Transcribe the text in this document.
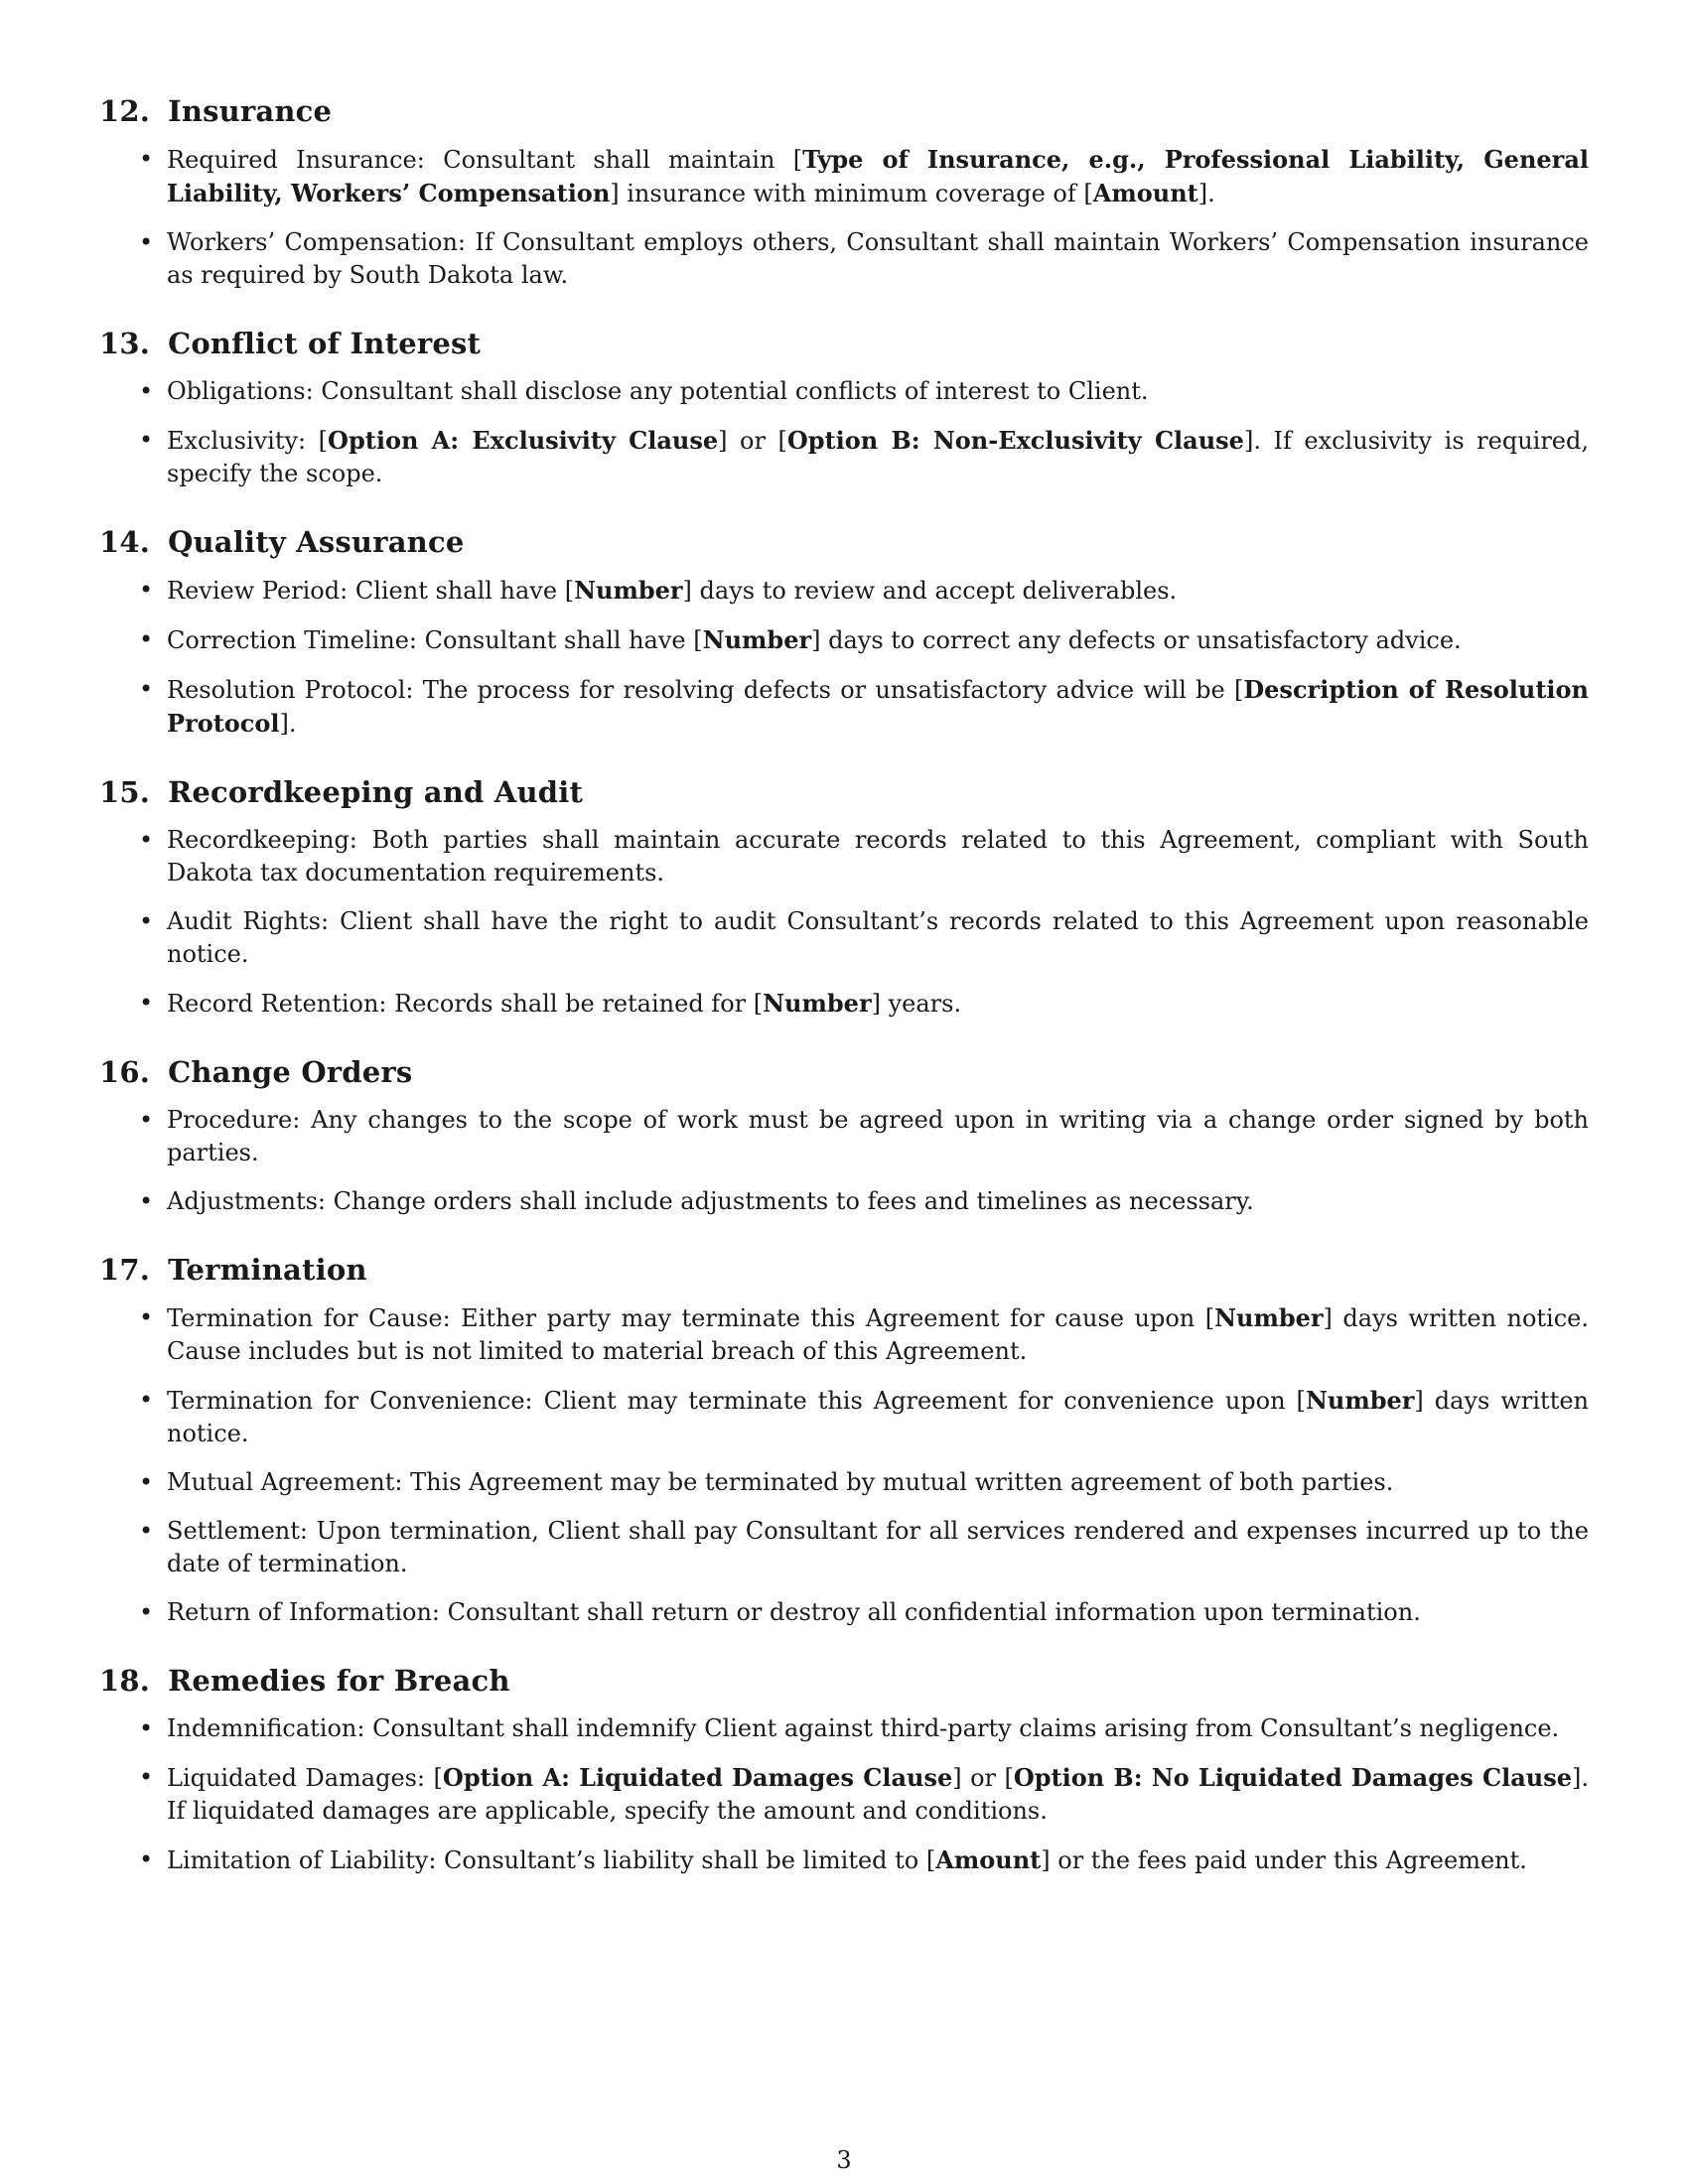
12. Insurance
• Required Insurance: Consultant shall maintain [Type of Insurance, e.g., Professional Liability, General Liability, Workers’ Compensation] insurance with minimum coverage of [Amount].
• Workers’ Compensation: If Consultant employs others, Consultant shall maintain Workers’ Compensation insurance as required by South Dakota law.
13. Conflict of Interest
• Obligations: Consultant shall disclose any potential conflicts of interest to Client.
• Exclusivity: [Option A: Exclusivity Clause] or [Option B: Non-Exclusivity Clause]. If exclusivity is required, specify the scope.
14. Quality Assurance
• Review Period: Client shall have [Number] days to review and accept deliverables.
• Correction Timeline: Consultant shall have [Number] days to correct any defects or unsatisfactory advice.
• Resolution Protocol: The process for resolving defects or unsatisfactory advice will be [Description of Resolution Protocol].
15. Recordkeeping and Audit
• Recordkeeping: Both parties shall maintain accurate records related to this Agreement, compliant with South Dakota tax documentation requirements.
• Audit Rights: Client shall have the right to audit Consultant’s records related to this Agreement upon reasonable notice.
• Record Retention: Records shall be retained for [Number] years.
16. Change Orders
• Procedure: Any changes to the scope of work must be agreed upon in writing via a change order signed by both parties.
• Adjustments: Change orders shall include adjustments to fees and timelines as necessary.
17. Termination
• Termination for Cause: Either party may terminate this Agreement for cause upon [Number] days written notice. Cause includes but is not limited to material breach of this Agreement.
• Termination for Convenience: Client may terminate this Agreement for convenience upon [Number] days written notice.
• Mutual Agreement: This Agreement may be terminated by mutual written agreement of both parties.
• Settlement: Upon termination, Client shall pay Consultant for all services rendered and expenses incurred up to the date of termination.
• Return of Information: Consultant shall return or destroy all confidential information upon termination.
18. Remedies for Breach
• Indemnification: Consultant shall indemnify Client against third-party claims arising from Consultant’s negligence.
• Liquidated Damages: [Option A: Liquidated Damages Clause] or [Option B: No Liquidated Damages Clause]. If liquidated damages are applicable, specify the amount and conditions.
• Limitation of Liability: Consultant’s liability shall be limited to [Amount] or the fees paid under this Agreement.
3
